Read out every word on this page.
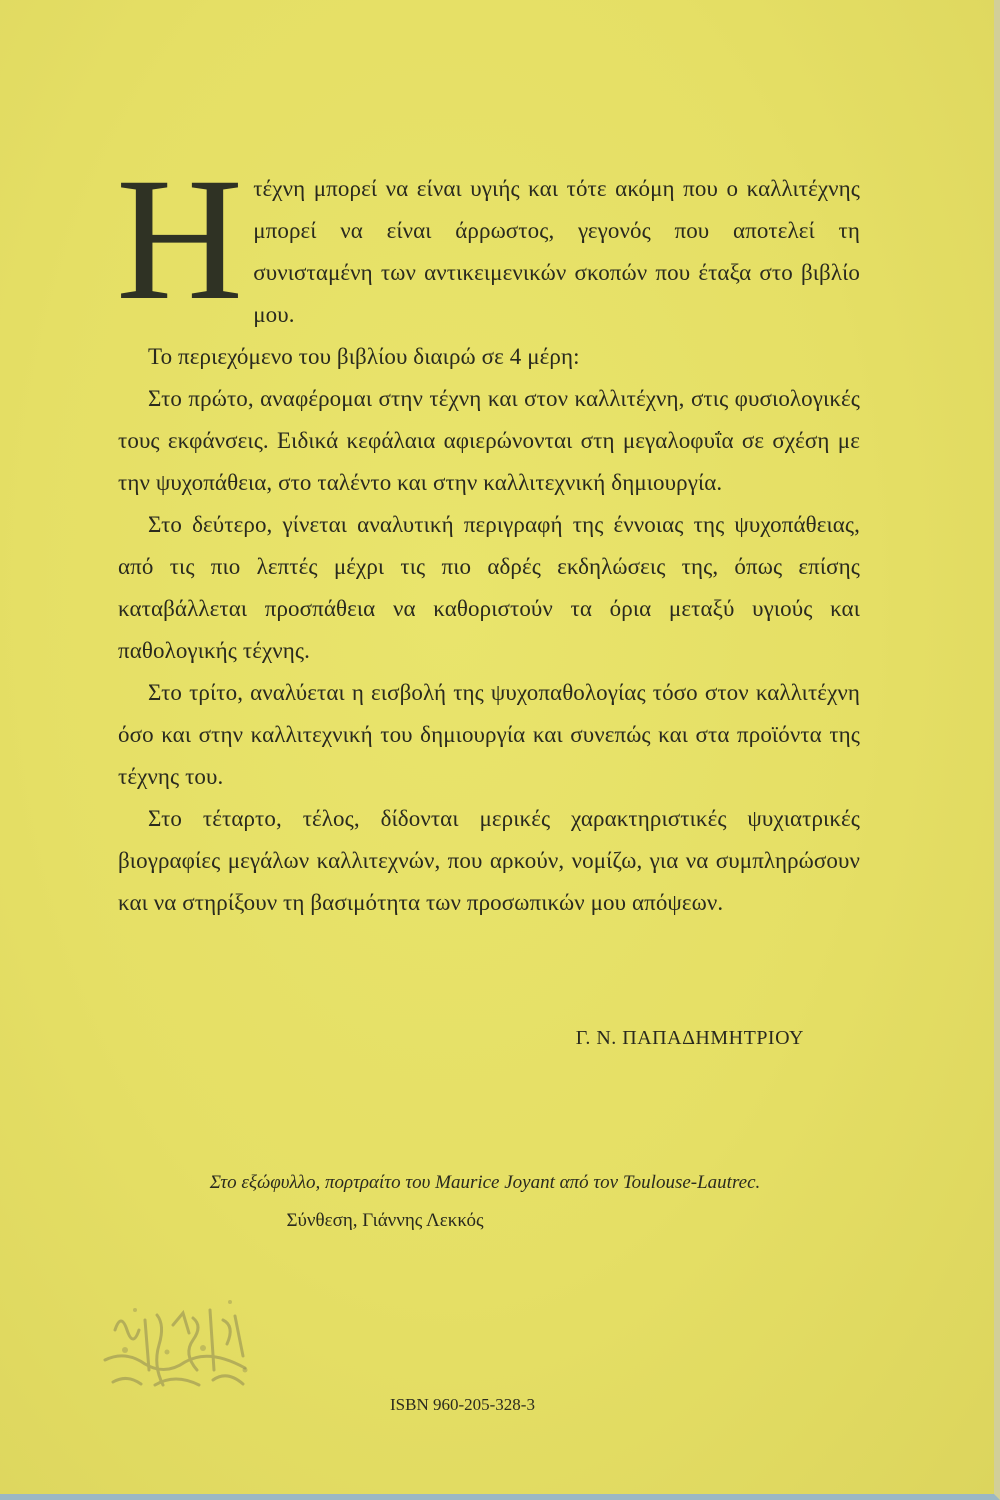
Ητέχνη μπορεί να είναι υγιής και τότε ακόμη που ο καλλιτέχνης μπορεί να είναι άρρωστος, γεγονός που αποτελεί τη συνισταμένη των αντικειμενικών σκοπών που έταξα στο βιβλίο μου.

Το περιεχόμενο του βιβλίου διαιρώ σε 4 μέρη:

Στο πρώτο, αναφέρομαι στην τέχνη και στον καλλιτέχνη, στις φυσιολογικές τους εκφάνσεις. Ειδικά κεφάλαια αφιερώνονται στη μεγαλοφυΐα σε σχέση με την ψυχοπάθεια, στο ταλέντο και στην καλλιτεχνική δημιουργία.

Στο δεύτερο, γίνεται αναλυτική περιγραφή της έννοιας της ψυχοπάθειας, από τις πιο λεπτές μέχρι τις πιο αδρές εκδηλώσεις της, όπως επίσης καταβάλλεται προσπάθεια να καθοριστούν τα όρια μεταξύ υγιούς και παθολογικής τέχνης.

Στο τρίτο, αναλύεται η εισβολή της ψυχοπαθολογίας τόσο στον καλλιτέχνη όσο και στην καλλιτεχνική του δημιουργία και συνεπώς και στα προϊόντα της τέχνης του.

Στο τέταρτο, τέλος, δίδονται μερικές χαρακτηριστικές ψυχιατρικές βιογραφίες μεγάλων καλλιτεχνών, που αρκούν, νομίζω, για να συμπληρώσουν και να στηρίξουν τη βασιμότητα των προσωπικών μου απόψεων.

Γ. Ν. ΠΑΠΑΔΗΜΗΤΡΙΟΥ
Στο εξώφυλλο, πορτραίτο του Maurice Joyant από τον Toulouse-Lautrec.
Σύνθεση, Γιάννης Λεκκός
ISBN 960-205-328-3
